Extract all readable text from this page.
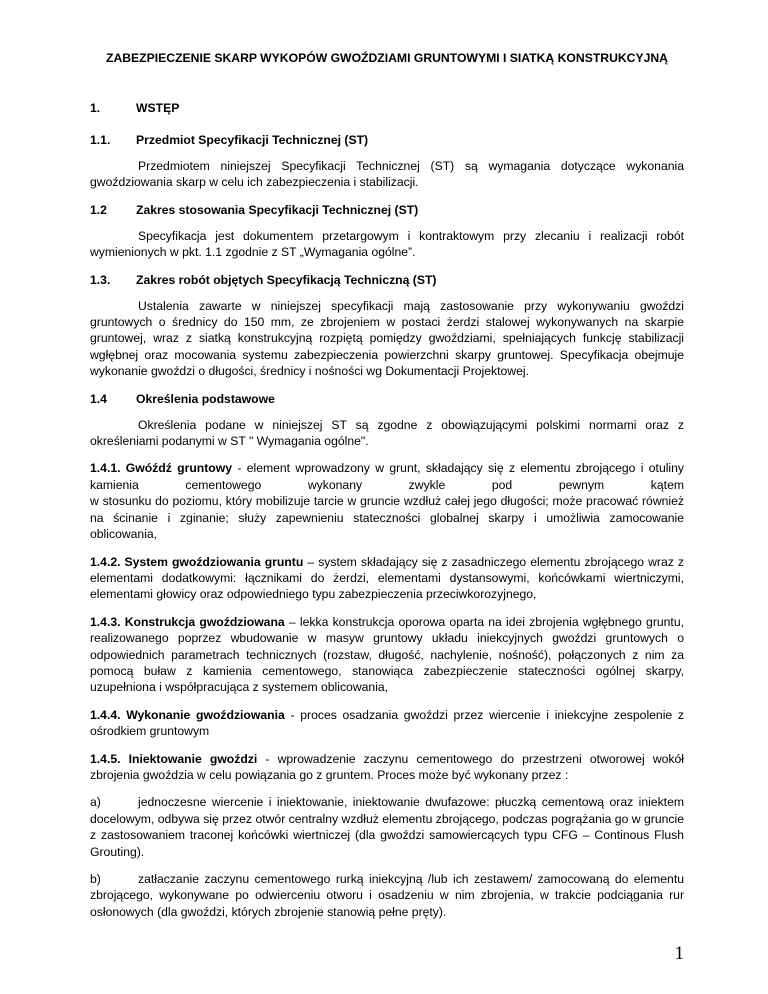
ZABEZPIECZENIE SKARP WYKOPÓW GWOŹDZIAMI GRUNTOWYMI I SIATKĄ KONSTRUKCYJNĄ
1.	WSTĘP
1.1.	Przedmiot Specyfikacji Technicznej (ST)
Przedmiotem niniejszej Specyfikacji Technicznej (ST) są wymagania dotyczące wykonania gwoździowania skarp w celu ich zabezpieczenia i stabilizacji.
1.2	Zakres stosowania Specyfikacji Technicznej (ST)
Specyfikacja jest dokumentem przetargowym i kontraktowym przy zlecaniu i realizacji robót wymienionych w pkt. 1.1 zgodnie z ST „Wymagania ogólne”.
1.3.	Zakres robót objętych Specyfikacją Techniczną (ST)
Ustalenia zawarte w niniejszej specyfikacji mają zastosowanie przy wykonywaniu gwoździ gruntowych o średnicy do 150 mm, ze zbrojeniem w postaci żerdzi stalowej wykonywanych na skarpie gruntowej, wraz z siatką konstrukcyjną rozpiętą pomiędzy gwoździami, spełniających funkcję stabilizacji wgłębnej oraz mocowania systemu zabezpieczenia powierzchni skarpy gruntowej. Specyfikacja obejmuje wykonanie gwoździ o długości, średnicy i nośności wg Dokumentacji Projektowej.
1.4	Określenia podstawowe
Określenia podane w niniejszej ST są zgodne z obowiązującymi polskimi normami oraz z określeniami podanymi w ST " Wymagania ogólne".
1.4.1. Gwóźdź gruntowy - element wprowadzony w grunt, składający się z elementu zbrojącego i otuliny kamienia cementowego wykonany zwykle pod pewnym kątem
w stosunku do poziomu, który mobilizuje tarcie w gruncie wzdłuż całej jego długości; może pracować również na ścinanie i zginanie; służy zapewnieniu stateczności globalnej skarpy i umożliwia zamocowanie oblicowania,
1.4.2. System gwoździowania gruntu – system składający się z zasadniczego elementu zbrojącego wraz z elementami dodatkowymi: łącznikami do żerdzi, elementami dystansowymi, końcówkami wiertniczymi, elementami głowicy oraz odpowiedniego typu zabezpieczenia przeciwkorozyjnego,
1.4.3. Konstrukcja gwoździowana – lekka konstrukcja oporowa oparta na idei zbrojenia wgłębnego gruntu, realizowanego poprzez wbudowanie w masyw gruntowy układu iniekcyjnych gwoździ gruntowych o odpowiednich parametrach technicznych (rozstaw, długość, nachylenie, nośność), połączonych z nim za pomocą buław z kamienia cementowego, stanowiąca zabezpieczenie stateczności ogólnej skarpy, uzupełniona i współpracująca z systemem oblicowania,
1.4.4. Wykonanie gwoździowania - proces osadzania gwoździ przez wiercenie i iniekcyjne zespolenie z ośrodkiem gruntowym
1.4.5. Iniektowanie gwoździ - wprowadzenie zaczynu cementowego do przestrzeni otworowej wokół zbrojenia gwoździa w celu powiązania go z gruntem. Proces może być wykonany przez :
a)	jednoczesne wiercenie i iniektowanie, iniektowanie dwufazowe: płuczką cementową oraz iniektem docelowym, odbywa się przez otwór centralny wzdłuż elementu zbrojącego, podczas pogrążania go w gruncie z zastosowaniem traconej końcówki wiertniczej (dla gwoździ samowiercących typu CFG – Continous Flush Grouting).
b)	zatłaczanie zaczynu cementowego rurką iniekcyjną /lub ich zestawem/ zamocowaną do elementu zbrojącego, wykonywane po odwierceniu otworu i osadzeniu w nim zbrojenia, w trakcie podciągania rur osłonowych (dla gwoździ, których zbrojenie stanowią pełne pręty).
1
